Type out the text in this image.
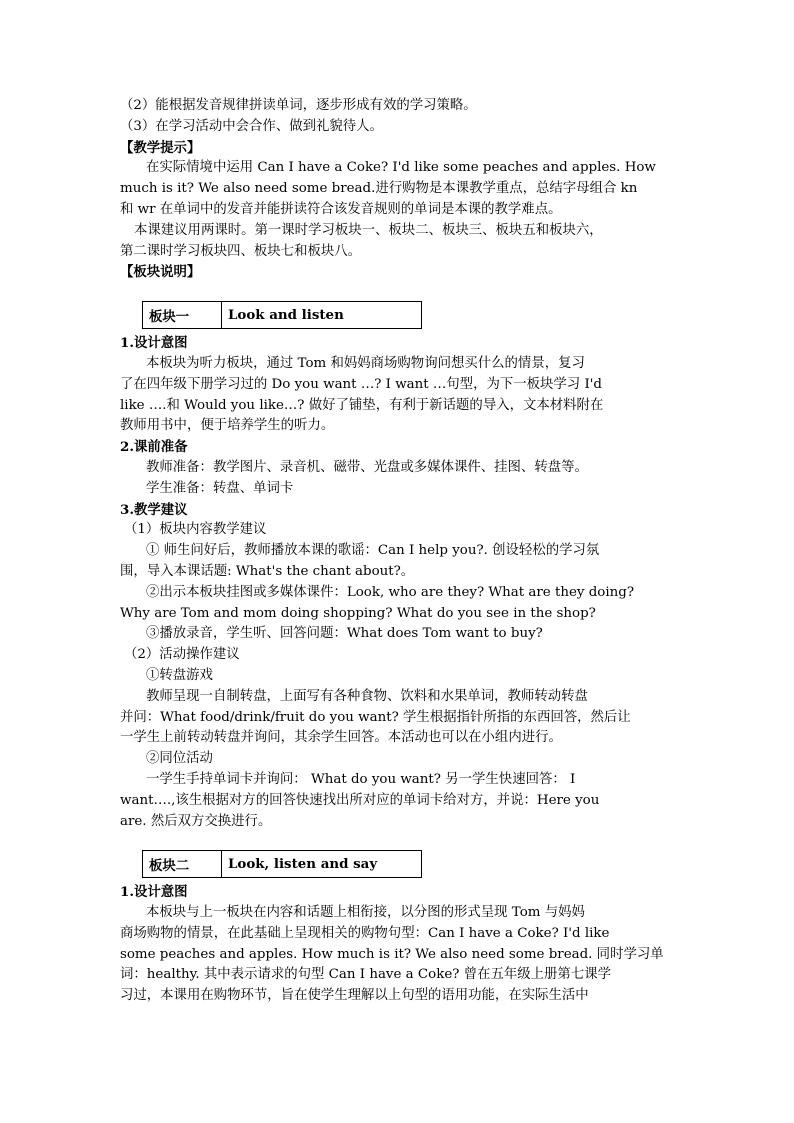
（2）能根据发音规律拼读单词，逐步形成有效的学习策略。

（3）在学习活动中会合作、做到礼貌待人。

【教学提示】

在实际情境中运用 Can I have a Coke? I'd like some peaches and apples. How

much is it? We also need some bread.进行购物是本课教学重点，总结字母组合 kn

和 wr 在单词中的发音并能拼读符合该发音规则的单词是本课的教学难点。

本课建议用两课时。第一课时学习板块一、板块二、板块三、板块五和板块六，

第二课时学习板块四、板块七和板块八。

【板块说明】

板块一	Look and listen

1.设计意图

本板块为听力板块，通过 Tom 和妈妈商场购物询问想买什么的情景，复习

了在四年级下册学习过的 Do you want …? I want …句型，为下一板块学习 I'd

like ….和 Would you like…? 做好了铺垫，有利于新话题的导入，文本材料附在

教师用书中，便于培养学生的听力。

2.课前准备

教师准备：教学图片、录音机、磁带、光盘或多媒体课件、挂图、转盘等。

学生准备：转盘、单词卡

3.教学建议

（1）板块内容教学建议

① 师生问好后，教师播放本课的歌谣：Can I help you?. 创设轻松的学习氛

围，导入本课话题: What's the chant about?。

②出示本板块挂图或多媒体课件：Look, who are they? What are they doing?

Why are Tom and mom doing shopping? What do you see in the shop?

③播放录音，学生听、回答问题：What does Tom want to buy?

（2）活动操作建议

①转盘游戏

教师呈现一自制转盘，上面写有各种食物、饮料和水果单词，教师转动转盘

并问：What food/drink/fruit do you want? 学生根据指针所指的东西回答，然后让

一学生上前转动转盘并询问，其余学生回答。本活动也可以在小组内进行。

②同位活动

一学生手持单词卡并询问： What do you want? 另一学生快速回答： I

want….,该生根据对方的回答快速找出所对应的单词卡给对方，并说：Here you

are. 然后双方交换进行。

板块二	Look, listen and say

1.设计意图

本板块与上一板块在内容和话题上相衔接，以分图的形式呈现 Tom 与妈妈

商场购物的情景，在此基础上呈现相关的购物句型：Can I have a Coke? I'd like

some peaches and apples. How much is it? We also need some bread. 同时学习单

词：healthy. 其中表示请求的句型 Can I have a Coke? 曾在五年级上册第七课学

习过，本课用在购物环节，旨在使学生理解以上句型的语用功能，在实际生活中
